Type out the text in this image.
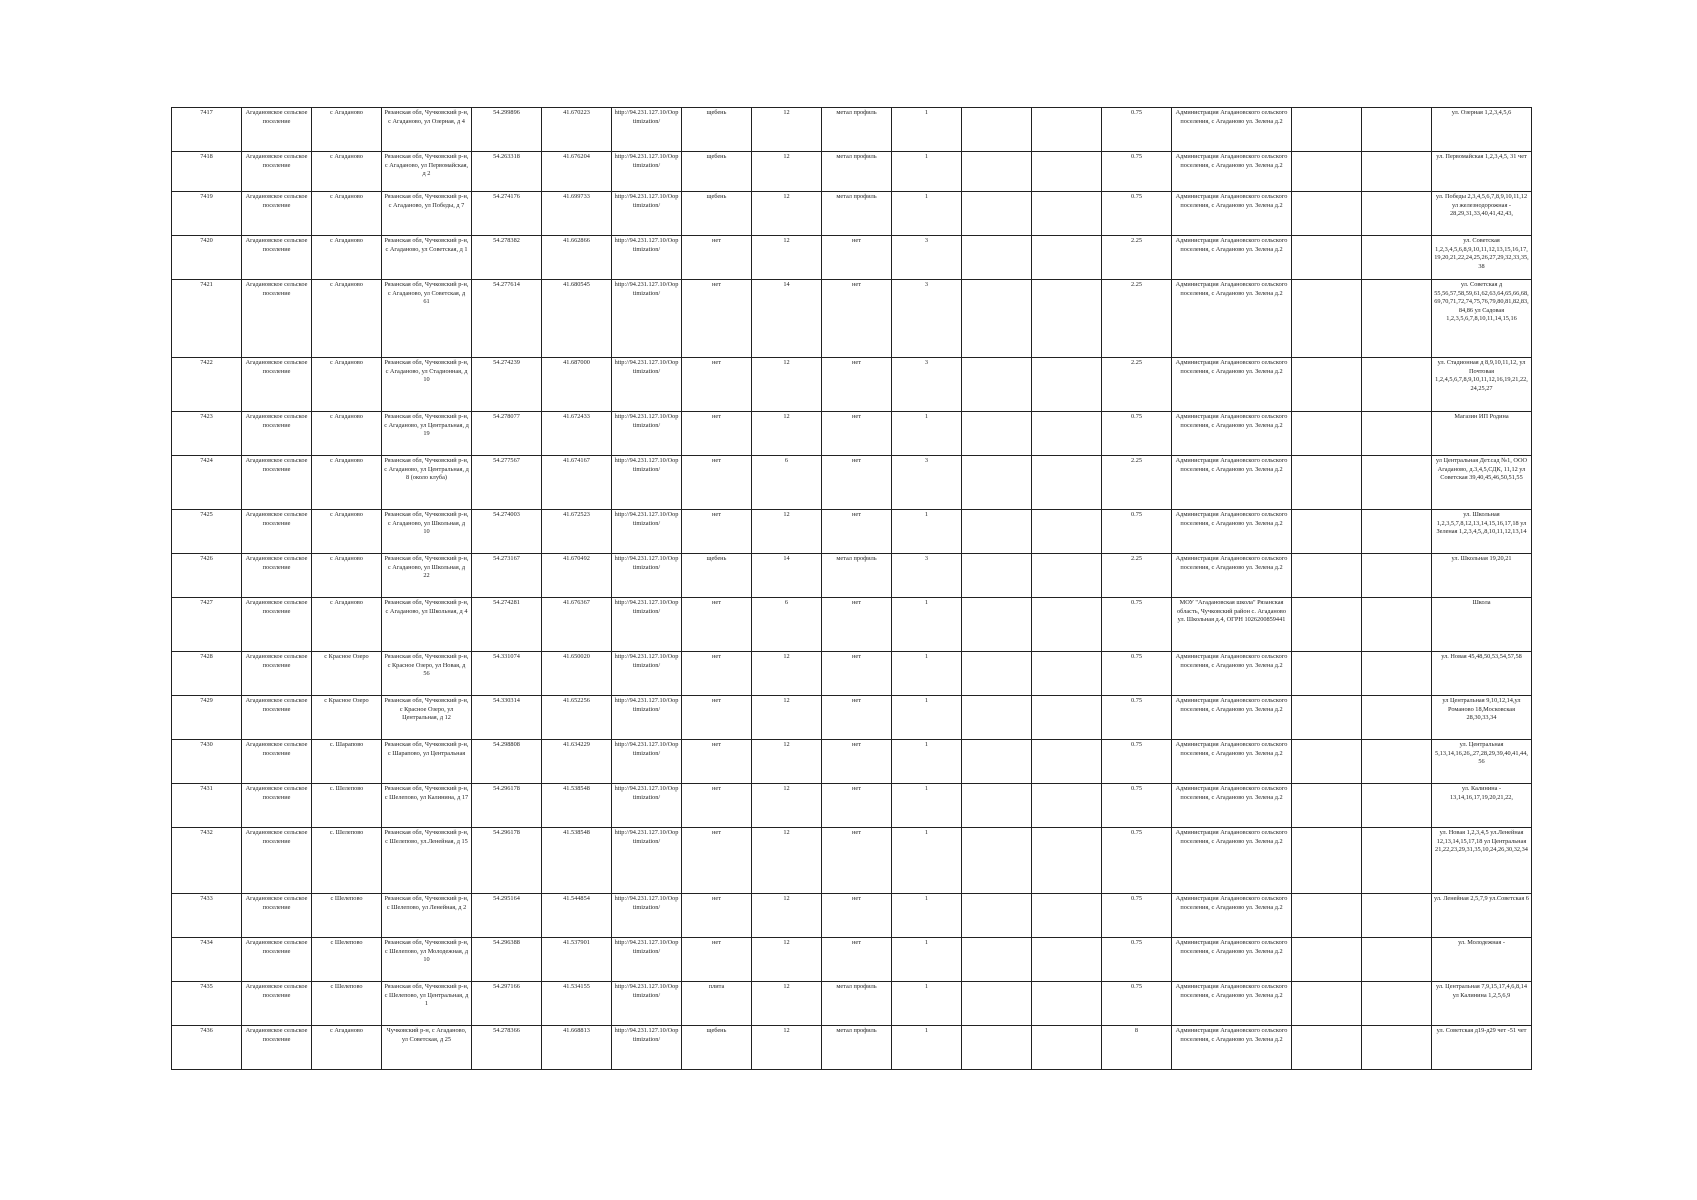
7417	Агадановское сельское поселение	с Агаданово	Рязанская обл, Чучковский р-н, с Агаданово, ул Озерная, д 4	54.299896	41.670223	http://94.231.127.10/Ooptimization/	щебень	12	метал профиль	1			0.75	Администрация Агадановского сельского поселения, с Агаданово ул. Зелена д.2			ул. Озерная 1,2,3,4,5,6
7418	Агадановское сельское поселение	с Агаданово	Рязанская обл, Чучковский р-н, с Агаданово, ул Первомайская, д 2	54.263318	41.676204	http://94.231.127.10/Ooptimization/	щебень	12	метал профиль	1			0.75	Администрация Агадановского сельского поселения, с Агаданово ул. Зелена д.2			ул. Первомайская 1,2,3,4,5, 31 чет
7419	Агадановское сельское поселение	с Агаданово	Рязанская обл, Чучковский р-н, с Агаданово, ул Победы, д 7	54.274176	41.699733	http://94.231.127.10/Ooptimization/	щебень	12	метал профиль	1			0.75	Администрация Агадановского сельского поселения, с Агаданово ул. Зелена д.2			ул. Победы 2,3,4,5,6,7,8,9,10,11,12 ул железнодорожная - 28,29,31,33,40,41,42,43,
7420	Агадановское сельское поселение	с Агаданово	Рязанская обл, Чучковский р-н, с Агаданово, ул Советская, д 1	54.278382	41.662866	http://94.231.127.10/Ooptimization/	нет	12	нет	3			2.25	Администрация Агадановского сельского поселения, с Агаданово ул. Зелена д.2			ул. Советская 1,2,3,4,5,6,8,9,10,11,12,13,15,16,17,19,20,21,22,24,25,26,27,29,32,33,35,38
7421	Агадановское сельское поселение	с Агаданово	Рязанская обл, Чучковский р-н, с Агаданово, ул Советская, д 61	54.277614	41.680545	http://94.231.127.10/Ooptimization/	нет	14	нет	3			2.25	Администрация Агадановского сельского поселения, с Агаданово ул. Зелена д.2			ул. Советская д 55,56,57,58,59,61,62,63,64,65,66,68,69,70,71,72,74,75,76,79,80,81,82,83,84,86 ул Садовая 1,2,3,5,6,7,8,10,11,14,15,16
7422	Агадановское сельское поселение	с Агаданово	Рязанская обл, Чучковский р-н, с Агаданово, ул Стадионная, д 10	54.274239	41.687000	http://94.231.127.10/Ooptimization/	нет	12	нет	3			2.25	Администрация Агадановского сельского поселения, с Агаданово ул. Зелена д.2			ул. Стадионная д 8,9,10,11,12, ул Почтовая 1,2,4,5,6,7,8,9,10,11,12,16,19,21,22,24,25,27
7423	Агадановское сельское поселение	с Агаданово	Рязанская обл, Чучковский р-н, с Агаданово, ул Центральная, д 19	54.278077	41.672433	http://94.231.127.10/Ooptimization/	нет	12	нет	1			0.75	Администрация Агадановского сельского поселения, с Агаданово ул. Зелена д.2			Магазин ИП Родина
7424	Агадановское сельское поселение	с Агаданово	Рязанская обл, Чучковский р-н, с Агаданово, ул Центральная, д 8 (около клуба)	54.277567	41.674167	http://94.231.127.10/Ooptimization/	нет	6	нет	3			2.25	Администрация Агадановского сельского поселения, с Агаданово ул. Зелена д.2			ул Центральная Дет.сад №1, ООО Агаданово, д.3,4,5,СДК, 11,12 ул Советская 39,40,45,46,50,51,55
7425	Агадановское сельское поселение	с Агаданово	Рязанская обл, Чучковский р-н, с Агаданово, ул Школьная, д 10	54.274003	41.672523	http://94.231.127.10/Ooptimization/	нет	12	нет	1			0.75	Администрация Агадановского сельского поселения, с Агаданово ул. Зелена д.2			ул. Школьная 1,2,3,5,7,8,12,13,14,15,16,17,18 ул Зеленая 1,2,3,4,5,,8,10,11,12,13,14
7426	Агадановское сельское поселение	с Агаданово	Рязанская обл, Чучковский р-н, с Агаданово, ул Школьная, д 22	54.273167	41.670492	http://94.231.127.10/Ooptimization/	щебень	14	метал профиль	3			2.25	Администрация Агадановского сельского поселения, с Агаданово ул. Зелена д.2			ул. Школьная 19,20,21
7427	Агадановское сельское поселение	с Агаданово	Рязанская обл, Чучковский р-н, с Агаданово, ул Школьная, д 4	54.274281	41.676367	http://94.231.127.10/Ooptimization/	нет	6	нет	1			0.75	МОУ "Агадановская школа" Рязанская область, Чучковский район с. Агаданово ул. Школьная д.4, ОГРН 1026200859441			Школа
7428	Агадановское сельское поселение	с Красное Озеро	Рязанская обл, Чучковский р-н, с Красное Озеро, ул Новая, д 56	54.331074	41.650020	http://94.231.127.10/Ooptimization/	нет	12	нет	1			0.75	Администрация Агадановского сельского поселения, с Агаданово ул. Зелена д.2			ул. Новая 45,48,50,53,54,57,58
7429	Агадановское сельское поселение	с Красное Озеро	Рязанская обл, Чучковский р-н, с Красное Озеро, ул Центральная, д 12	54.330314	41.652256	http://94.231.127.10/Ooptimization/	нет	12	нет	1			0.75	Администрация Агадановского сельского поселения, с Агаданово ул. Зелена д.2			ул Центральная 9,10,12,14,ул Романово 18,Московская 28,30,33,34
7430	Агадановское сельское поселение	с. Шарапово	Рязанская обл, Чучковский р-н, с Шарапово, ул Центральная	54.298808	41.634229	http://94.231.127.10/Ooptimization/	нет	12	нет	1			0.75	Администрация Агадановского сельского поселения, с Агаданово ул. Зелена д.2			ул. Центральная 5,13,14,16,26,,27,28,29,39,40,41,44,56
7431	Агадановское сельское поселение	с. Шелепово	Рязанская обл, Чучковский р-н, с Шелепово, ул Калинина, д 17	54.296178	41.538548	http://94.231.127.10/Ooptimization/	нет	12	нет	1			0.75	Администрация Агадановского сельского поселения, с Агаданово ул. Зелена д.2			ул. Калинина - 13,14,16,17,19,20,21,22,
7432	Агадановское сельское поселение	с. Шелепово	Рязанская обл, Чучковский р-н, с Шелепово, ул.Ленейная, д 15	54.296178	41.538548	http://94.231.127.10/Ooptimization/	нет	12	нет	1			0.75	Администрация Агадановского сельского поселения, с Агаданово ул. Зелена д.2			ул. Новая 1,2,3,4,5 ул.Ленейная 12,13,14,15,17,18 ул Центральная 21,22,23,29,31,35,10,24,26,30,32,34
7433	Агадановское сельское поселение	с Шелепово	Рязанская обл, Чучковский р-н, с Шелепово, ул Ленейная, д 2	54.295164	41.544854	http://94.231.127.10/Ooptimization/	нет	12	нет	1			0.75	Администрация Агадановского сельского поселения, с Агаданово ул. Зелена д.2			ул. Ленейная 2,5,7,9 ул.Советская 6
7434	Агадановское сельское поселение	с Шелепово	Рязанская обл, Чучковский р-н, с Шелепово, ул Молодежная, д 10	54.296388	41.537901	http://94.231.127.10/Ooptimization/	нет	12	нет	1			0.75	Администрация Агадановского сельского поселения, с Агаданово ул. Зелена д.2			ул. Молодежная -
7435	Агадановское сельское поселение	с Шелепово	Рязанская обл, Чучковский р-н, с Шелепово, ул Центральная, д 1	54.297166	41.534155	http://94.231.127.10/Ooptimization/	плита	12	метал профиль	1			0.75	Администрация Агадановского сельского поселения, с Агаданово ул. Зелена д.2			ул. Центральная 7,9,15,17,4,6,8,14 ул Калинина 1,2,5,6,9
7436	Агадановское сельское поселение	с Агаданово	Чучковский р-н, с Агаданово, ул Советская, д 25	54.278366	41.668813	http://94.231.127.10/Ooptimization/	щебень	12	метал профиль	1			8	Администрация Агадановского сельского поселения, с Агаданово ул. Зелена д.2			ул. Советская д19-д29 чет -51 чет
